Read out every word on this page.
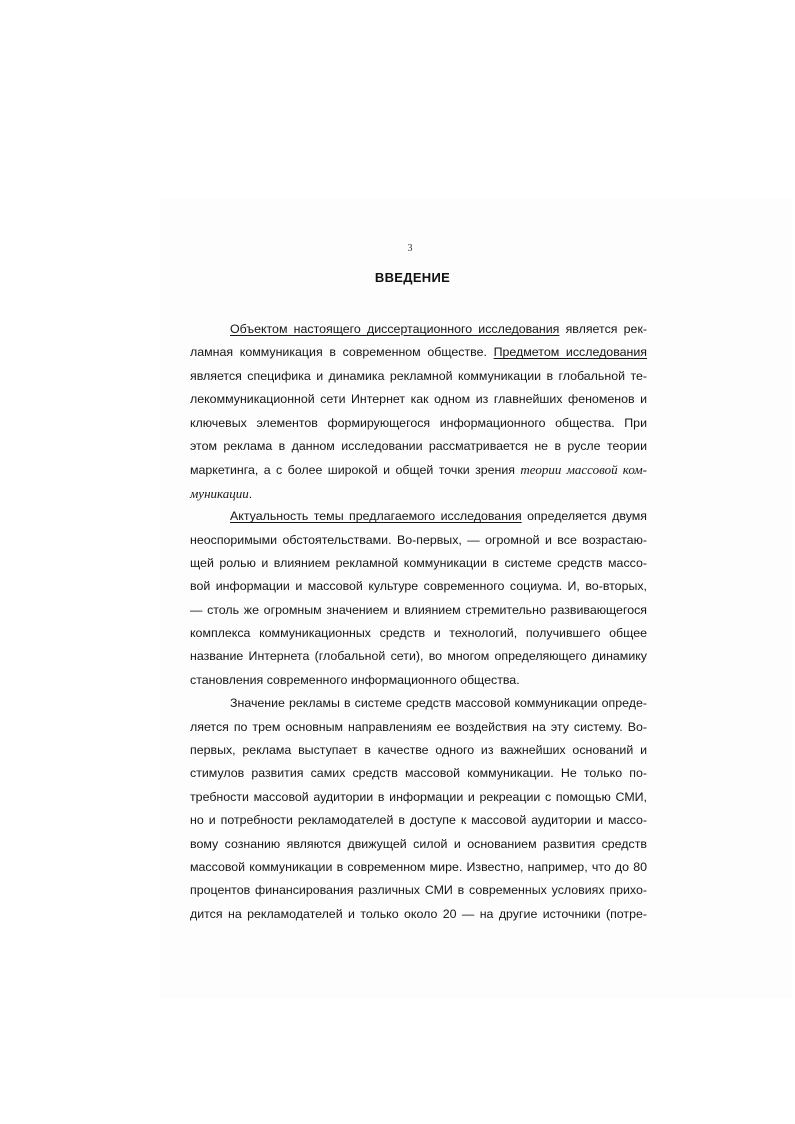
3
ВВЕДЕНИЕ
Объектом настоящего диссертационного исследования является рек-
ламная коммуникация в современном обществе. Предметом исследования
является специфика и динамика рекламной коммуникации в глобальной те-
лекоммуникационной сети Интернет как одном из главнейших феноменов и
ключевых элементов формирующегося информационного общества. При
этом реклама в данном исследовании рассматривается не в русле теории
маркетинга, а с более широкой и общей точки зрения теории массовой ком-
муникации.
Актуальность темы предлагаемого исследования определяется двумя
неоспоримыми обстоятельствами. Во-первых, — огромной и все возрастаю-
щей ролью и влиянием рекламной коммуникации в системе средств массо-
вой информации и массовой культуре современного социума. И, во-вторых,
— столь же огромным значением и влиянием стремительно развивающегося
комплекса коммуникационных средств и технологий, получившего общее
название Интернета (глобальной сети), во многом определяющего динамику
становления современного информационного общества.
Значение рекламы в системе средств массовой коммуникации опреде-
ляется по трем основным направлениям ее воздействия на эту систему. Во-
первых, реклама выступает в качестве одного из важнейших оснований и
стимулов развития самих средств массовой коммуникации. Не только по-
требности массовой аудитории в информации и рекреации с помощью СМИ,
но и потребности рекламодателей в доступе к массовой аудитории и массо-
вому сознанию являются движущей силой и основанием развития средств
массовой коммуникации в современном мире. Известно, например, что до 80
процентов финансирования различных СМИ в современных условиях прихо-
дится на рекламодателей и только около 20 — на другие источники (потре-
